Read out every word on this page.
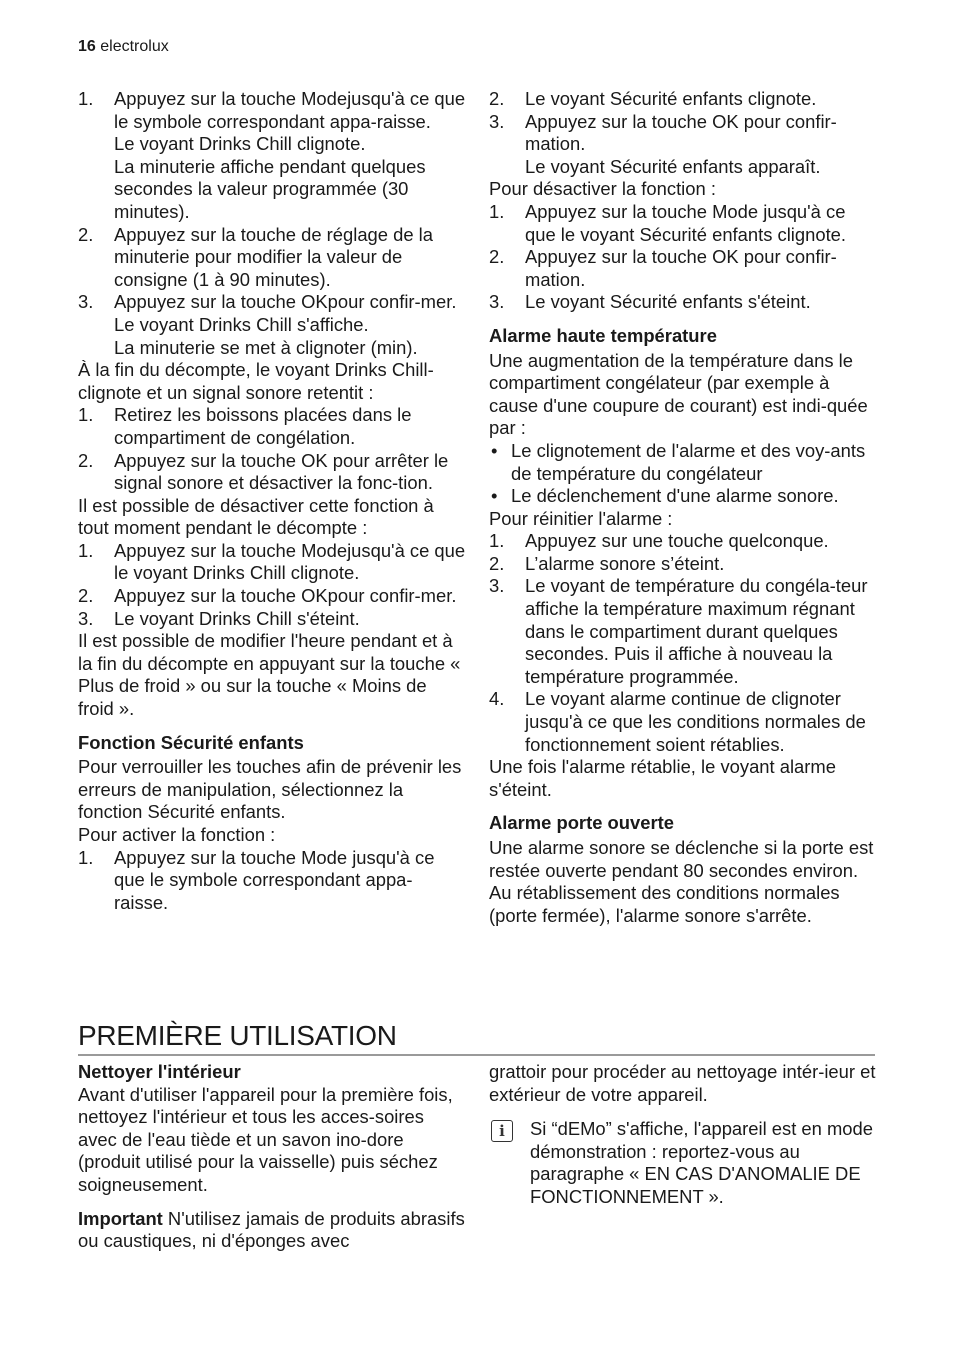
16 electrolux
1.	Appuyez sur la touche Modejusqu'à ce que le symbole correspondant appa-raisse.

Le voyant Drinks Chill clignote.

La minuterie affiche pendant quelques secondes la valeur programmée (30 minutes).

2.	Appuyez sur la touche de réglage de la minuterie pour modifier la valeur de consigne (1 à 90 minutes).
3.	Appuyez sur la touche OKpour confir-mer.

Le voyant Drinks Chill s'affiche.

La minuterie se met à clignoter (min).

À la fin du décompte, le voyant Drinks Chill-clignote et un signal sonore retentit :

1.	Retirez les boissons placées dans le compartiment de congélation.
2.	Appuyez sur la touche OK pour arrêter le signal sonore et désactiver la fonc-tion.

Il est possible de désactiver cette fonction à tout moment pendant le décompte :

1.	Appuyez sur la touche Modejusqu'à ce que le voyant Drinks Chill clignote.
2.	Appuyez sur la touche OKpour confir-mer.
3.	Le voyant Drinks Chill s'éteint.

Il est possible de modifier l'heure pendant et à la fin du décompte en appuyant sur la touche « Plus de froid » ou sur la touche « Moins de froid ».

Fonction Sécurité enfants

Pour verrouiller les touches afin de prévenir les erreurs de manipulation, sélectionnez la fonction Sécurité enfants.

Pour activer la fonction :

1.	Appuyez sur la touche Mode jusqu'à ce que le symbole correspondant appa-raisse.
2.	Le voyant Sécurité enfants clignote.
3.	Appuyez sur la touche OK pour confir-mation.

Le voyant Sécurité enfants apparaît.

Pour désactiver la fonction :

1.	Appuyez sur la touche Mode jusqu'à ce que le voyant Sécurité enfants clignote.
2.	Appuyez sur la touche OK pour confir-mation.
3.	Le voyant Sécurité enfants s'éteint.

Alarme haute température

Une augmentation de la température dans le compartiment congélateur (par exemple à cause d'une coupure de courant) est indi-quée par :

• Le clignotement de l'alarme et des voy-ants de température du congélateur
• Le déclenchement d'une alarme sonore.

Pour réinitier l'alarme :

1.	Appuyez sur une touche quelconque.
2.	L’alarme sonore s’éteint.
3.	Le voyant de température du congéla-teur affiche la température maximum régnant dans le compartiment durant quelques secondes. Puis il affiche à nouveau la température programmée.
4.	Le voyant alarme continue de clignoter jusqu'à ce que les conditions normales de fonctionnement soient rétablies.

Une fois l'alarme rétablie, le voyant alarme s'éteint.

Alarme porte ouverte

Une alarme sonore se déclenche si la porte est restée ouverte pendant 80 secondes environ.

Au rétablissement des conditions normales (porte fermée), l'alarme sonore s'arrête.

PREMIÈRE UTILISATION

Nettoyer l'intérieur

Avant d'utiliser l'appareil pour la première fois, nettoyez l'intérieur et tous les acces-soires avec de l'eau tiède et un savon ino-dore (produit utilisé pour la vaisselle) puis séchez soigneusement.

Important N'utilisez jamais de produits abrasifs ou caustiques, ni d'éponges avec

grattoir pour procéder au nettoyage intér-ieur et extérieur de votre appareil.

i	Si “dEMo” s'affiche, l'appareil est en mode démonstration : reportez-vous au paragraphe « EN CAS D'ANOMALIE DE FONCTIONNEMENT ».
